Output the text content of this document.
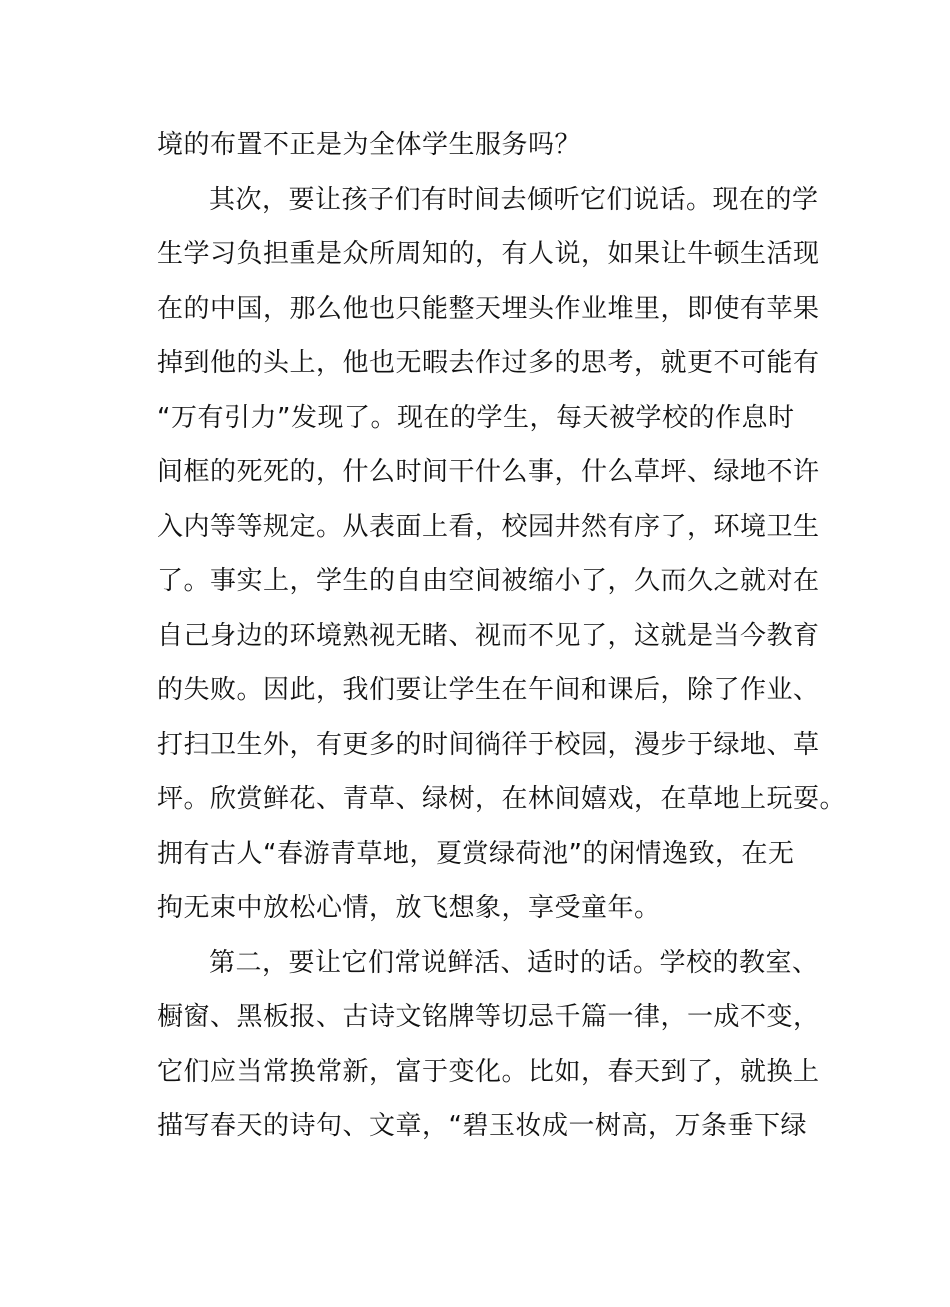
境的布置不正是为全体学生服务吗？
其次，要让孩子们有时间去倾听它们说话。现在的学
生学习负担重是众所周知的，有人说，如果让牛顿生活现
在的中国，那么他也只能整天埋头作业堆里，即使有苹果
掉到他的头上，他也无暇去作过多的思考，就更不可能有
“万有引力”发现了。现在的学生，每天被学校的作息时
间框的死死的，什么时间干什么事，什么草坪、绿地不许
入内等等规定。从表面上看，校园井然有序了，环境卫生
了。事实上，学生的自由空间被缩小了，久而久之就对在
自己身边的环境熟视无睹、视而不见了，这就是当今教育
的失败。因此，我们要让学生在午间和课后，除了作业、
打扫卫生外，有更多的时间徜徉于校园，漫步于绿地、草
坪。欣赏鲜花、青草、绿树，在林间嬉戏，在草地上玩耍。
拥有古人“春游青草地，夏赏绿荷池”的闲情逸致，在无
拘无束中放松心情，放飞想象，享受童年。
第二，要让它们常说鲜活、适时的话。学校的教室、
橱窗、黑板报、古诗文铭牌等切忌千篇一律，一成不变，
它们应当常换常新，富于变化。比如，春天到了，就换上
描写春天的诗句、文章，“碧玉妆成一树高，万条垂下绿
